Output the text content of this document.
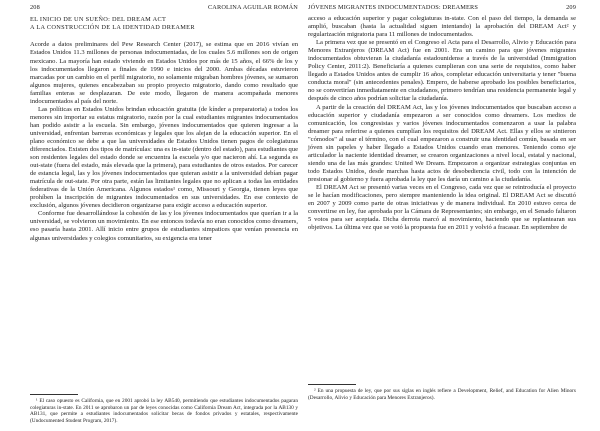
208	CAROLINA AGUILAR ROMÁN
EL INICIO DE UN SUEÑO: DEL DREAM ACT
A LA CONSTRUCCIÓN DE LA IDENTIDAD DREAMER

Acorde a datos preliminares del Pew Research Center (2017), se estima que en 2016 vivían en Estados Unidos 11.3 millones de personas indocumentadas, de los cuales 5.6 millones son de origen mexicano. La mayoría han estado viviendo en Estados Unidos por más de 15 años, el 66% de los y los indocumentados llegaron a finales de 1990 e inicios del 2000. Ambas décadas estuvieron marcadas por un cambio en el perfil migratorio, no solamente migraban hombres jóvenes, se sumaron algunos mujeres, quienes encabezaban su propio proyecto migratorio, dando como resultado que familias enteras se desplazaran. De este modo, llegaron de manera acompañada menores indocumentados al país del norte.

Las políticas en Estados Unidos brindan educación gratuita (de kínder a preparatoria) a todos los menores sin importar su estatus migratorio, razón por la cual estudiantes migrantes indocumentados han podido asistir a la escuela. Sin embargo, jóvenes indocumentados que quieren ingresar a la universidad, enfrentan barreras económicas y legales que los alejan de la educación superior. En el plano económico se debe a que las universidades de Estados Unidos tienen pagos de colegiaturas diferenciados. Existen dos tipos de matrículas: una es in-state (dentro del estado), para estudiantes que son residentes legales del estado donde se encuentra la escuela y/o que nacieron ahí. La segunda es out-state (fuera del estado, más elevada que la primera), para estudiantes de otros estados. Por carecer de estancia legal, las y los jóvenes indocumentados que quieran asistir a la universidad debían pagar matrícula de out-state. Por otra parte, están las limitantes legales que no aplican a todas las entidades federativas de la Unión Americana. Algunos estados¹ como, Missouri y Georgia, tienen leyes que prohíben la inscripción de migrantes indocumentados en sus universidades. En ese contexto de exclusión, algunos jóvenes decidieron organizarse para exigir acceso a educación superior.

Conforme fue desarrollándose la cohesión de las y los jóvenes indocumentados que querían ir a la universidad, se volvieron un movimiento. En ese entonces todavía no eran conocidos como dreamers, eso pasaría hasta 2001. Allí inicio entre grupos de estudiantes simpatices que venían presencia en algunas universidades y colegios comunitarios, su exigencia era tener

¹ El caso opuesto es California, que en 2001 aprobó la ley AB540, permitiendo que estudiantes indocumentados pagaran colegiaturas in-state. En 2011 se aprobaron un par de leyes conocidas como California Dream Act, integrada por la AB130 y AB131, que permite a estudiantes indocumentados solicitar becas de fondos privados y estatales, respectivamente (Undocumented Student Program, 2017).

JÓVENES MIGRANTES INDOCUMENTADOS: DREAMERS	209

acceso a educación superior y pagar colegiaturas in-state. Con el paso del tiempo, la demanda se amplió, buscaban (hasta la actualidad siguen intentando) la aprobación del DREAM Act² y regularización migratoria para 11 millones de indocumentados.

La primera vez que se presentó en el Congreso el Acta para el Desarrollo, Alivio y Educación para Menores Extranjeros (DREAM Act) fue en 2001. Era un camino para que jóvenes migrantes indocumentados obtuvieran la ciudadanía estadounidense a través de la universidad (Immigration Policy Center, 2011:2). Beneficiaría a quienes cumplieran con una serie de requisitos, como haber llegado a Estados Unidos antes de cumplir 16 años, completar educación universitaria y tener "buena conducta moral" (sin antecedentes penales). Empero, de haberse aprobado los posibles beneficiarios, no se convertirían inmediatamente en ciudadanos, primero tendrían una residencia permanente legal y después de cinco años podrían solicitar la ciudadanía.

A partir de la creación del DREAM Act, las y los jóvenes indocumentados que buscaban acceso a educación superior y ciudadanía empezaron a ser conocidos como dreamers. Los medios de comunicación, los congresistas y varios jóvenes indocumentados comenzaron a usar la palabra dreamer para referirse a quienes cumplían los requisitos del DREAM Act. Ellas y ellos se sintieron "cómodos" al usar el término, con el cual empezaron a construir una identidad común, basada en ser jóven sin papeles y haber llegado a Estados Unidos cuando eran menores. Teniendo como eje articulador la naciente identidad dreamer, se crearon organizaciones a nivel local, estatal y nacional, siendo una de las más grandes: United We Dream. Empezaron a organizar estrategias conjuntas en todo Estados Unidos, desde marchas hasta actos de desobediencia civil, todo con la intención de presionar al gobierno y fuera aprobada la ley que les daría un camino a la ciudadanía.

El DREAM Act se presentó varias veces en el Congreso, cada vez que se reintroducía el proyecto se le hacían modificaciones, pero siempre manteniendo la idea original. El DREAM Act se discutió en 2007 y 2009 como parte de otras iniciativas y de manera individual. En 2010 estuvo cerca de convertirse en ley, fue aprobada por la Cámara de Representantes; sin embargo, en el Senado faltaron 5 votos para ser aceptada. Dicha derrota marcó al movimiento, haciendo que se replantearan sus objetivos. La última vez que se votó la propuesta fue en 2011 y volvió a fracasar. En septiembre de

² En una propuesta de ley, que por sus siglas en inglés refiere a Development, Relief, and Education for Alien Minors (Desarrollo, Alivio y Educación para Menores Extranjeros).
